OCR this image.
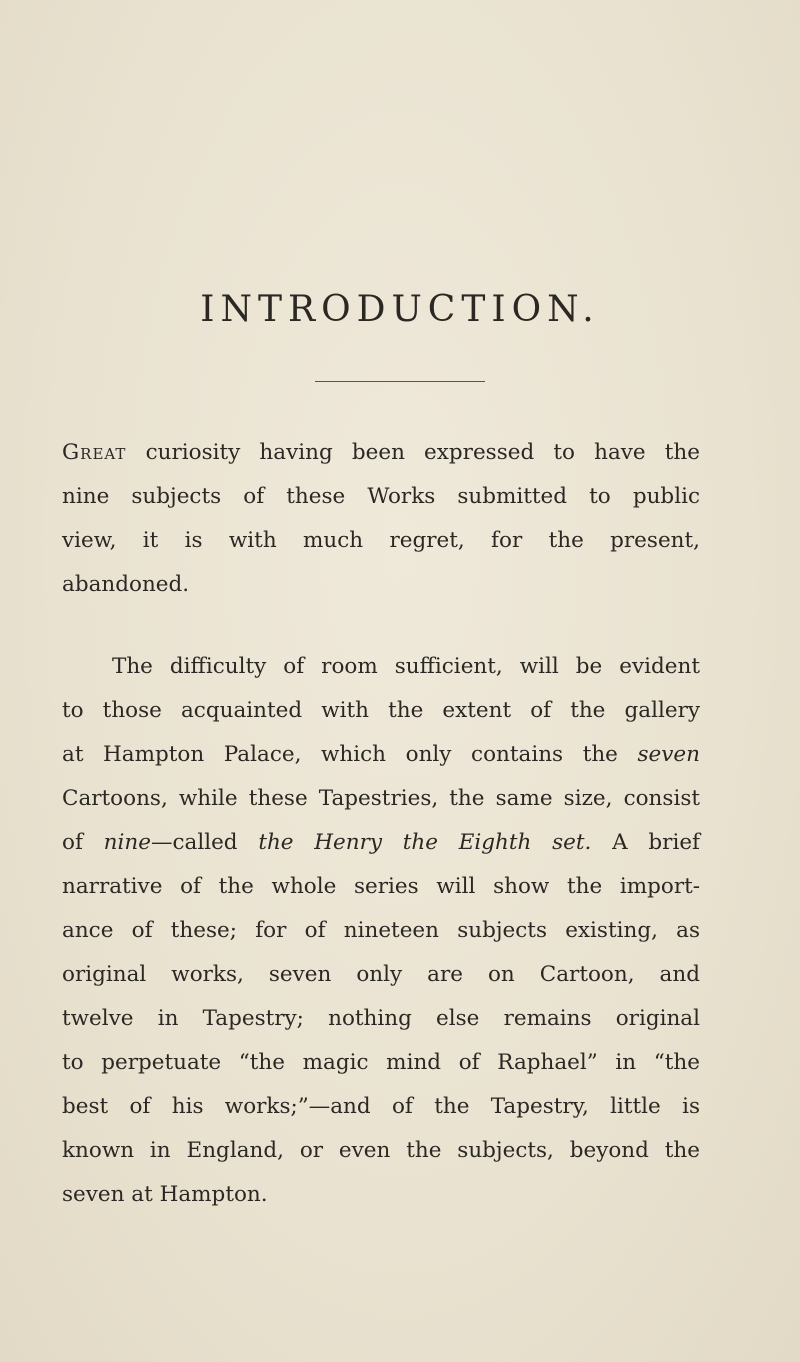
INTRODUCTION.
Great curiosity having been expressed to have the
nine subjects of these Works submitted to public
view, it is with much regret, for the present,
abandoned.
The difficulty of room sufficient, will be evident
to those acquainted with the extent of the gallery
at Hampton Palace, which only contains the seven
Cartoons, while these Tapestries, the same size, consist
of nine—called the Henry the Eighth set. A brief
narrative of the whole series will show the import-
ance of these; for of nineteen subjects existing, as
original works, seven only are on Cartoon, and
twelve in Tapestry; nothing else remains original
to perpetuate “the magic mind of Raphael” in “the
best of his works;”—and of the Tapestry, little is
known in England, or even the subjects, beyond the
seven at Hampton.
